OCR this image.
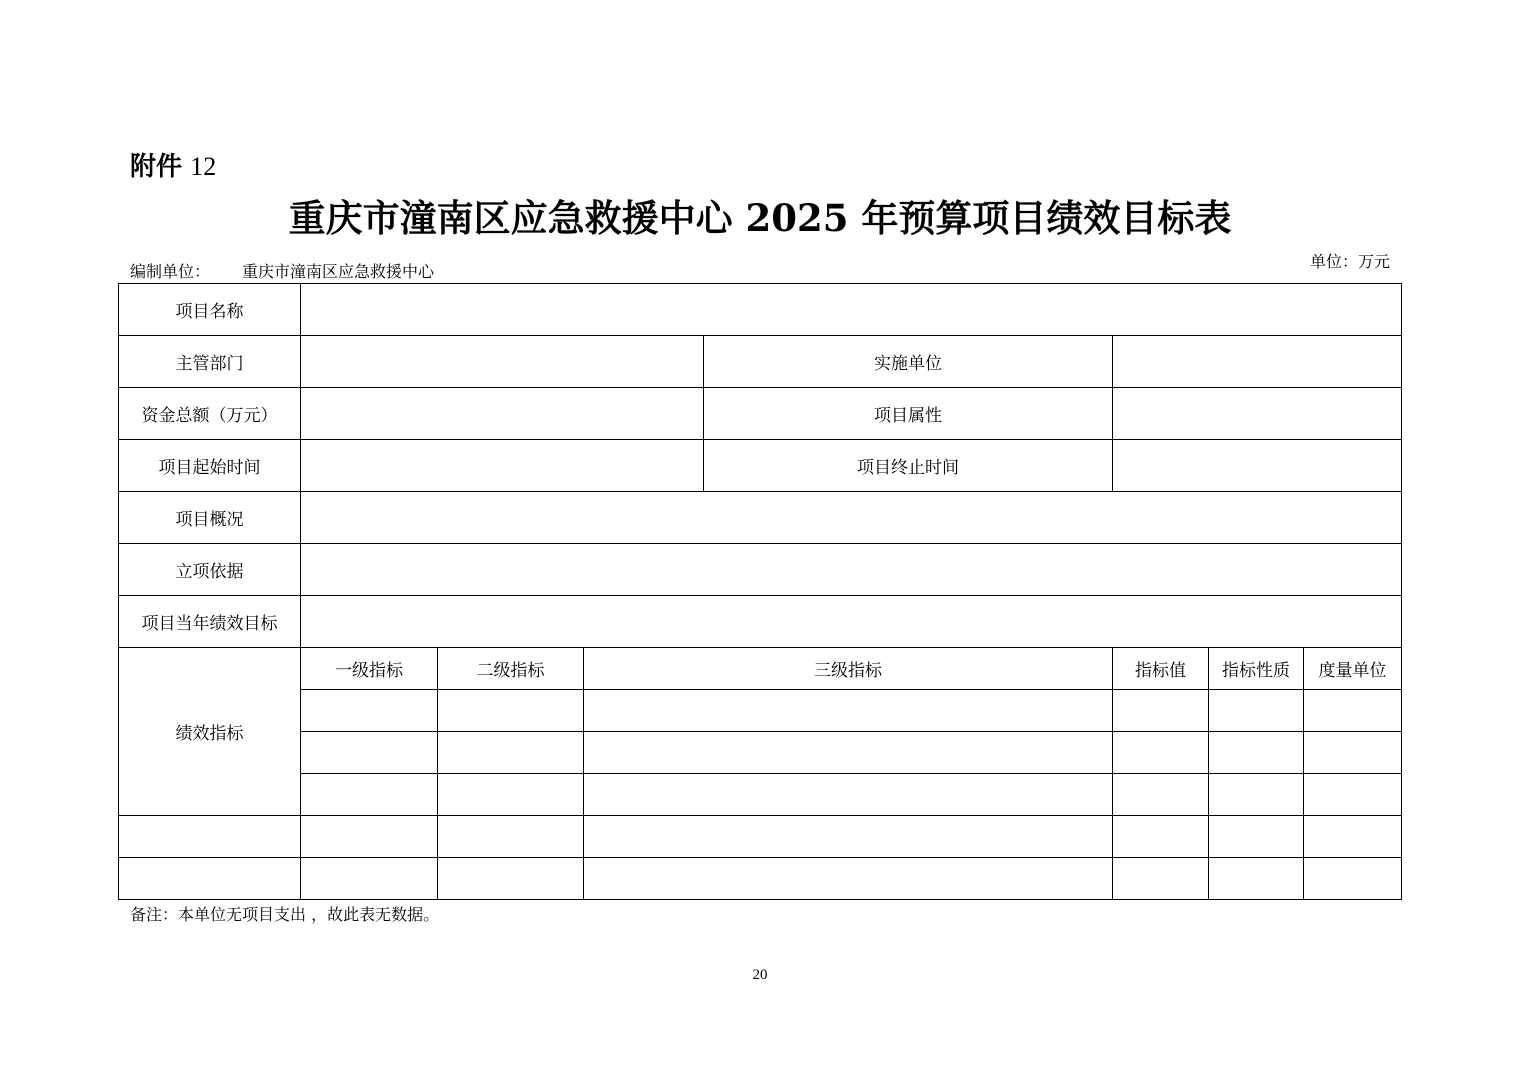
附件 12
重庆市潼南区应急救援中心 2025 年预算项目绩效目标表
编制单位： 重庆市潼南区应急救援中心
单位：万元
项目名称							
主管部门				实施单位			
资金总额（万元）				项目属性			
项目起始时间				项目终止时间			
项目概况							
立项依据							
项目当年绩效目标							
绩效指标	一级指标	二级指标	三级指标		指标值	指标性质	度量单位

备注：本单位无项目支出 ，故此表无数据。
20
